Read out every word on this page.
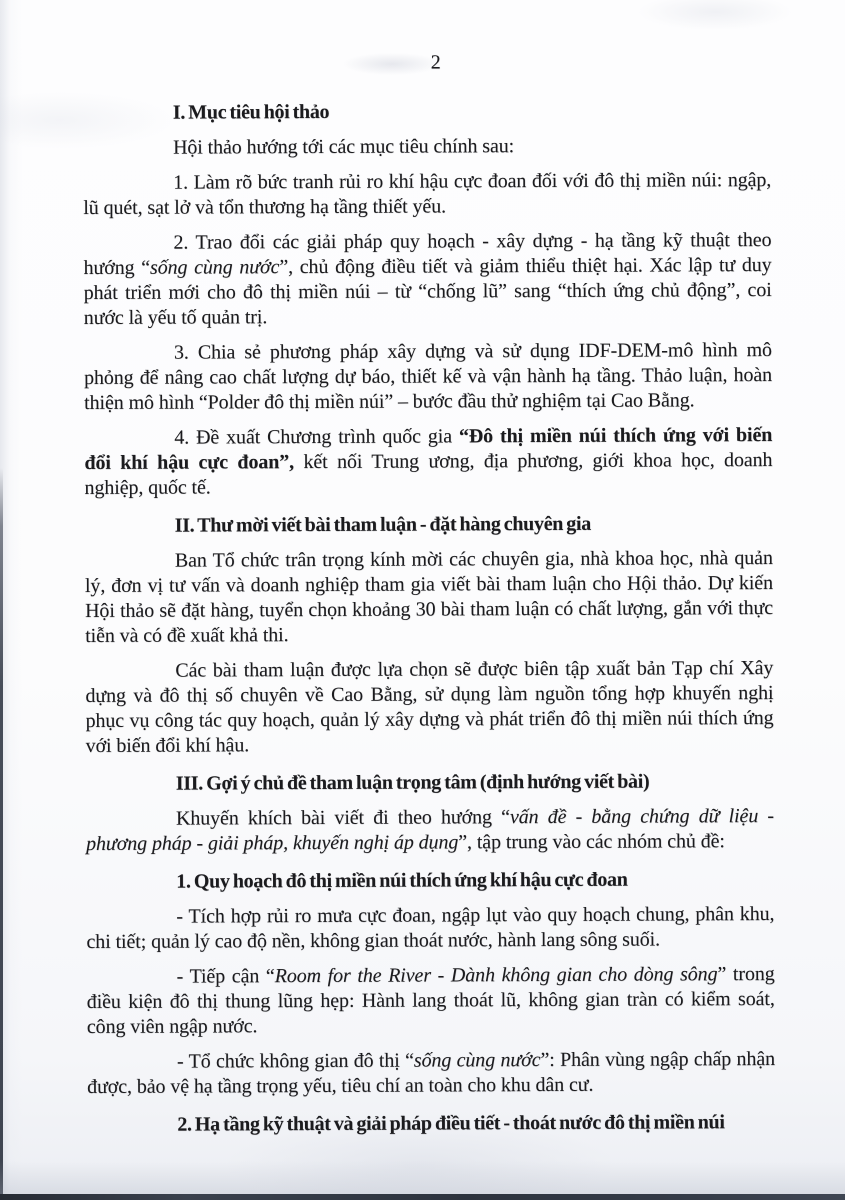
2

I. Mục tiêu hội thảo

Hội thảo hướng tới các mục tiêu chính sau:

1. Làm rõ bức tranh rủi ro khí hậu cực đoan đối với đô thị miền núi: ngập, lũ quét, sạt lở và tổn thương hạ tầng thiết yếu.

2. Trao đổi các giải pháp quy hoạch - xây dựng - hạ tầng kỹ thuật theo hướng “sống cùng nước”, chủ động điều tiết và giảm thiểu thiệt hại. Xác lập tư duy phát triển mới cho đô thị miền núi – từ “chống lũ” sang “thích ứng chủ động”, coi nước là yếu tố quản trị.

3. Chia sẻ phương pháp xây dựng và sử dụng IDF-DEM-mô hình mô phỏng để nâng cao chất lượng dự báo, thiết kế và vận hành hạ tầng. Thảo luận, hoàn thiện mô hình “Polder đô thị miền núi” – bước đầu thử nghiệm tại Cao Bằng.

4. Đề xuất Chương trình quốc gia “Đô thị miền núi thích ứng với biến đổi khí hậu cực đoan”, kết nối Trung ương, địa phương, giới khoa học, doanh nghiệp, quốc tế.

II. Thư mời viết bài tham luận - đặt hàng chuyên gia

Ban Tổ chức trân trọng kính mời các chuyên gia, nhà khoa học, nhà quản lý, đơn vị tư vấn và doanh nghiệp tham gia viết bài tham luận cho Hội thảo. Dự kiến Hội thảo sẽ đặt hàng, tuyển chọn khoảng 30 bài tham luận có chất lượng, gắn với thực tiễn và có đề xuất khả thi.

Các bài tham luận được lựa chọn sẽ được biên tập xuất bản Tạp chí Xây dựng và đô thị số chuyên về Cao Bằng, sử dụng làm nguồn tổng hợp khuyến nghị phục vụ công tác quy hoạch, quản lý xây dựng và phát triển đô thị miền núi thích ứng với biến đổi khí hậu.

III. Gợi ý chủ đề tham luận trọng tâm (định hướng viết bài)

Khuyến khích bài viết đi theo hướng “vấn đề - bằng chứng dữ liệu - phương pháp - giải pháp, khuyến nghị áp dụng”, tập trung vào các nhóm chủ đề:

1. Quy hoạch đô thị miền núi thích ứng khí hậu cực đoan

- Tích hợp rủi ro mưa cực đoan, ngập lụt vào quy hoạch chung, phân khu, chi tiết; quản lý cao độ nền, không gian thoát nước, hành lang sông suối.

- Tiếp cận “Room for the River - Dành không gian cho dòng sông” trong điều kiện đô thị thung lũng hẹp: Hành lang thoát lũ, không gian tràn có kiểm soát, công viên ngập nước.

- Tổ chức không gian đô thị “sống cùng nước”: Phân vùng ngập chấp nhận được, bảo vệ hạ tầng trọng yếu, tiêu chí an toàn cho khu dân cư.

2. Hạ tầng kỹ thuật và giải pháp điều tiết - thoát nước đô thị miền núi
